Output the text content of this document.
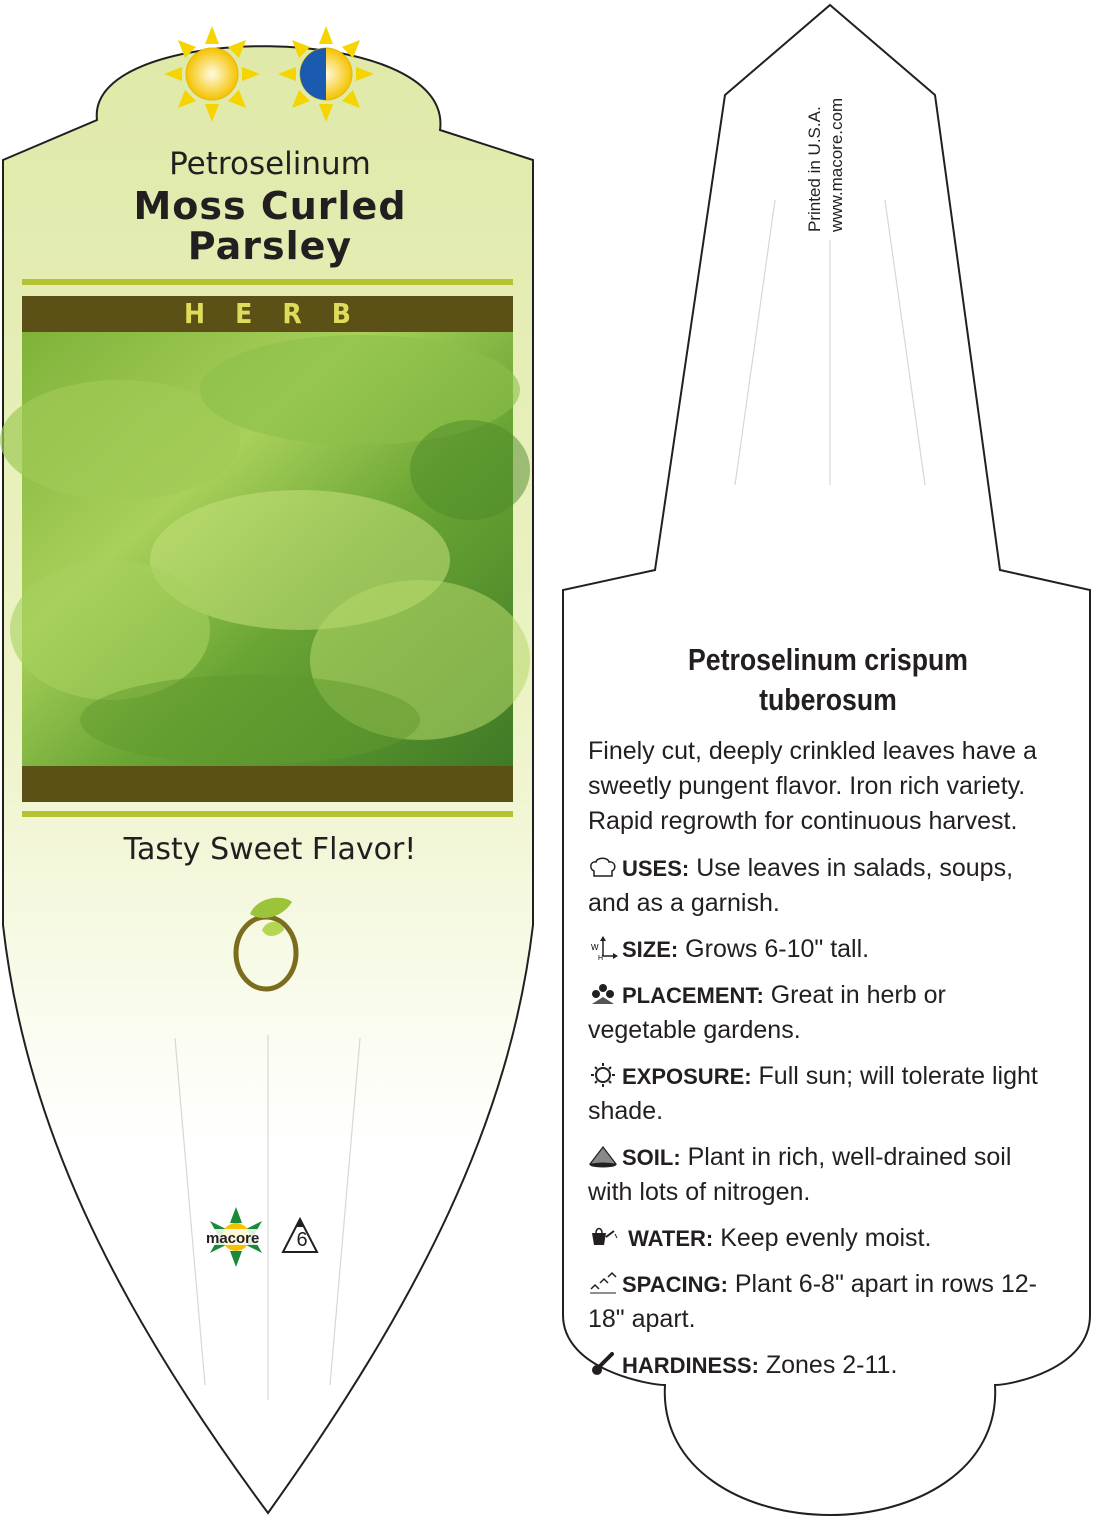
Petroselinum
Moss Curled
Parsley
HERB
Tasty Sweet Flavor!
macore 6
Printed in U.S.A. www.macore.com
Petroselinum crispum
tuberosum
Finely cut, deeply crinkled leaves have a sweetly pungent flavor. Iron rich variety. Rapid regrowth for continuous harvest.
USES: Use leaves in salads, soups, and as a garnish.
W
H SIZE: Grows 6-10" tall.
PLACEMENT: Great in herb or vegetable gardens.
EXPOSURE: Full sun; will tolerate light shade.
SOIL: Plant in rich, well-drained soil with lots of nitrogen.
WATER: Keep evenly moist.
SPACING: Plant 6-8" apart in rows 12-18" apart.
HARDINESS: Zones 2-11.
